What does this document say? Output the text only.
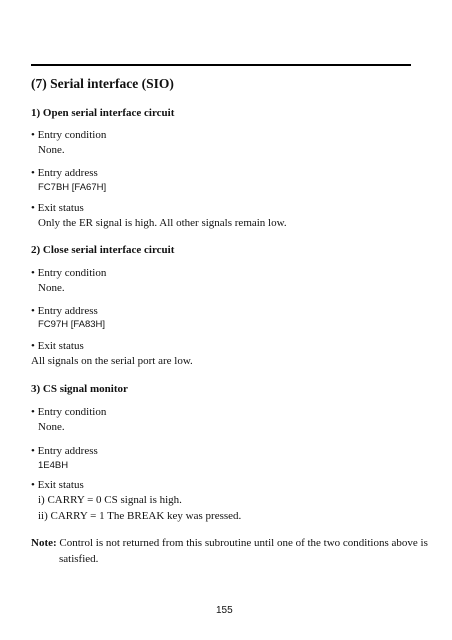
(7) Serial interface (SIO)
1) Open serial interface circuit
• Entry condition
None.
• Entry address
FC7BH [FA67H]
• Exit status
Only the ER signal is high. All other signals remain low.
2) Close serial interface circuit
• Entry condition
None.
• Entry address
FC97H [FA83H]
• Exit status
All signals on the serial port are low.
3) CS signal monitor
• Entry condition
None.
• Entry address
1E4BH
• Exit status
i) CARRY = 0 CS signal is high.
ii) CARRY = 1 The BREAK key was pressed.
Note: Control is not returned from this subroutine until one of the two conditions above is
satisfied.
155
